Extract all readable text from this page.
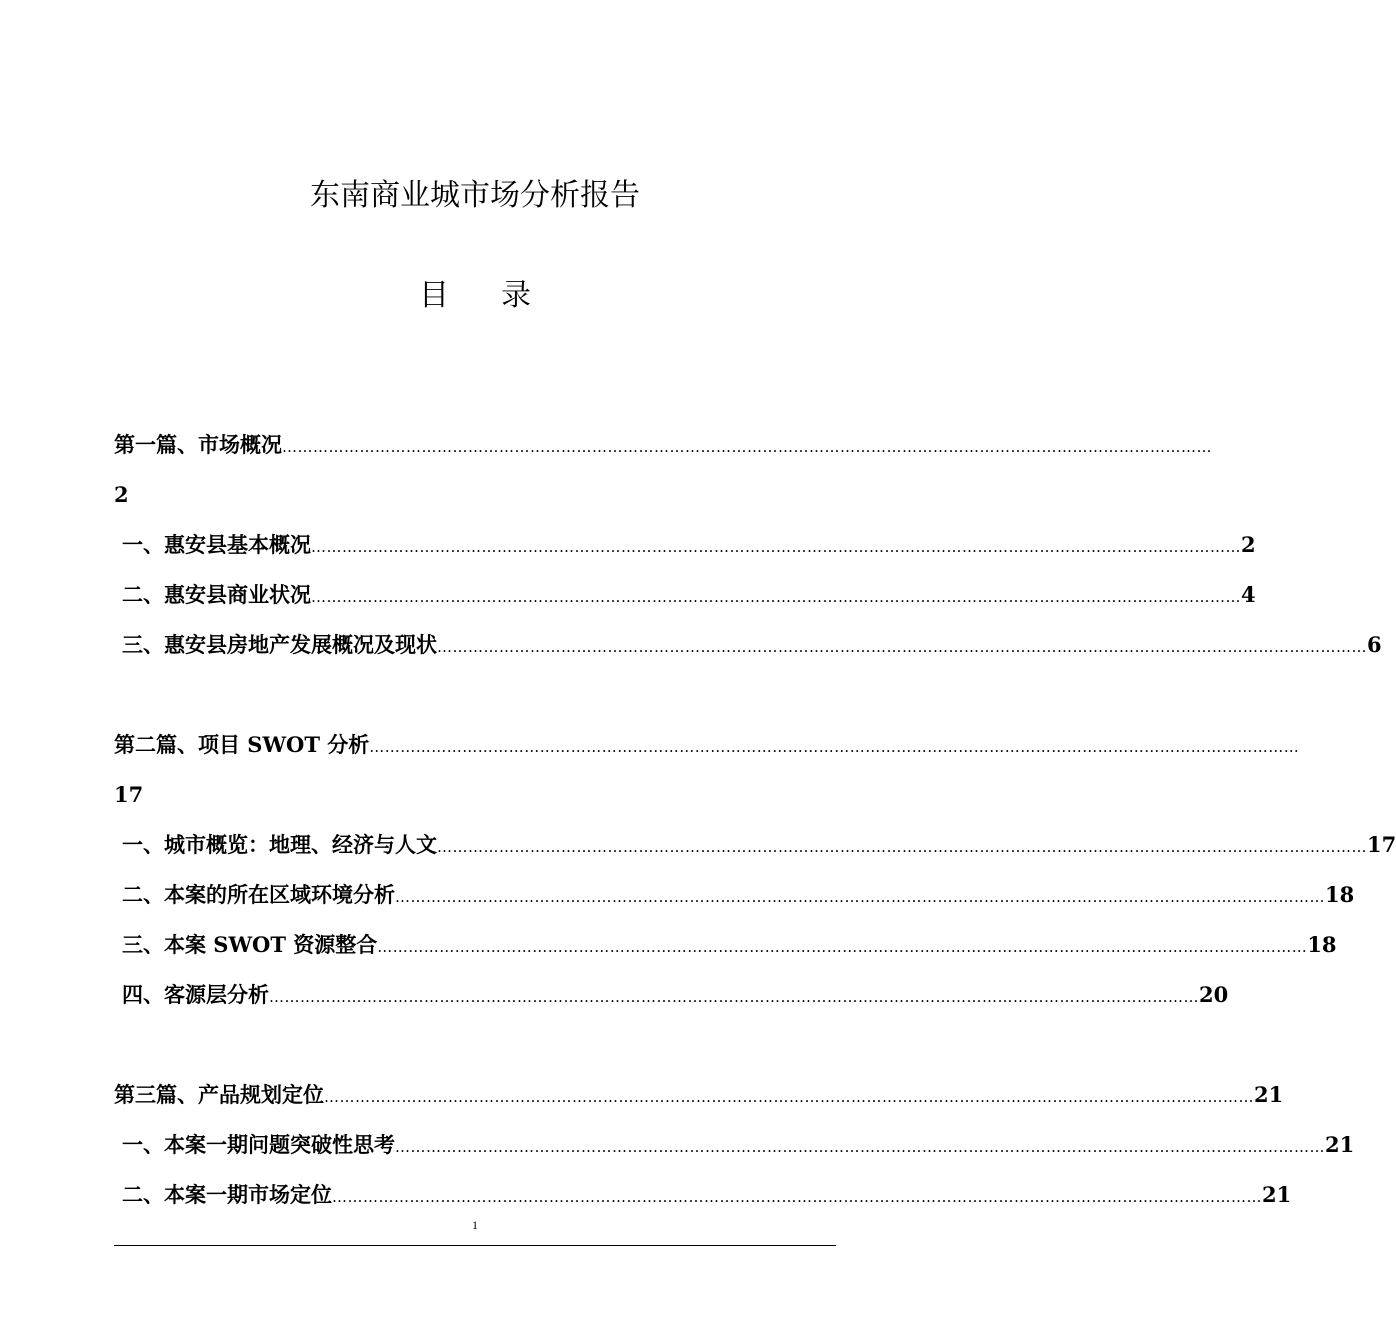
东南商业城市场分析报告
目 录
第一篇、市场概况 ………………………………………………………………………………………………………………………………………………………………
2
一、惠安县基本概况 ……………………………………………………………………………………………………………………………………………………………… 2
二、惠安县商业状况 ……………………………………………………………………………………………………………………………………………………………… 4
三、惠安县房地产发展概况及现状 ……………………………………………………………………………………………………………………………………………………………… 6
第二篇、项目 SWOT 分析 ………………………………………………………………………………………………………………………………………………………………
17
一、城市概览：地理、经济与人文 ……………………………………………………………………………………………………………………………………………………………… 17
二、本案的所在区域环境分析 ……………………………………………………………………………………………………………………………………………………………… 18
三、本案 SWOT 资源整合 ……………………………………………………………………………………………………………………………………………………………… 18
四、客源层分析 ……………………………………………………………………………………………………………………………………………………………… 20
第三篇、产品规划定位 ……………………………………………………………………………………………………………………………………………………………… 21
一、本案一期问题突破性思考 ……………………………………………………………………………………………………………………………………………………………… 21
二、本案一期市场定位 ……………………………………………………………………………………………………………………………………………………………… 21
1
